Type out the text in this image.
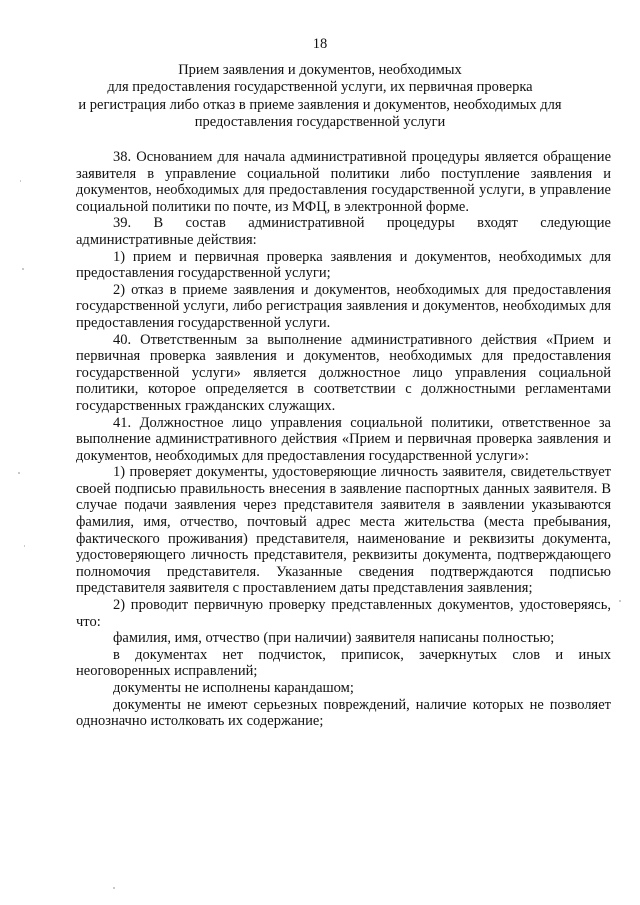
18
Прием заявления и документов, необходимых
для предоставления государственной услуги, их первичная проверка
и регистрация либо отказ в приеме заявления и документов, необходимых для
предоставления государственной услуги

38. Основанием для начала административной процедуры является обращение заявителя в управление социальной политики либо поступление заявления и документов, необходимых для предоставления государственной услуги, в управление социальной политики по почте, из МФЦ, в электронной форме.

39. В состав административной процедуры входят следующие административные действия:

1) прием и первичная проверка заявления и документов, необходимых для предоставления государственной услуги;

2) отказ в приеме заявления и документов, необходимых для предоставления государственной услуги, либо регистрация заявления и документов, необходимых для предоставления государственной услуги.

40. Ответственным за выполнение административного действия «Прием и первичная проверка заявления и документов, необходимых для предоставления государственной услуги» является должностное лицо управления социальной политики, которое определяется в соответствии с должностными регламентами государственных гражданских служащих.

41. Должностное лицо управления социальной политики, ответственное за выполнение административного действия «Прием и первичная проверка заявления и документов, необходимых для предоставления государственной услуги»:

1) проверяет документы, удостоверяющие личность заявителя, свидетельствует своей подписью правильность внесения в заявление паспортных данных заявителя. В случае подачи заявления через представителя заявителя в заявлении указываются фамилия, имя, отчество, почтовый адрес места жительства (места пребывания, фактического проживания) представителя, наименование и реквизиты документа, удостоверяющего личность представителя, реквизиты документа, подтверждающего полномочия представителя. Указанные сведения подтверждаются подписью представителя заявителя с проставлением даты представления заявления;

2) проводит первичную проверку представленных документов, удостоверяясь, что:

фамилия, имя, отчество (при наличии) заявителя написаны полностью;

в документах нет подчисток, приписок, зачеркнутых слов и иных неоговоренных исправлений;

документы не исполнены карандашом;

документы не имеют серьезных повреждений, наличие которых не позволяет однозначно истолковать их содержание;
